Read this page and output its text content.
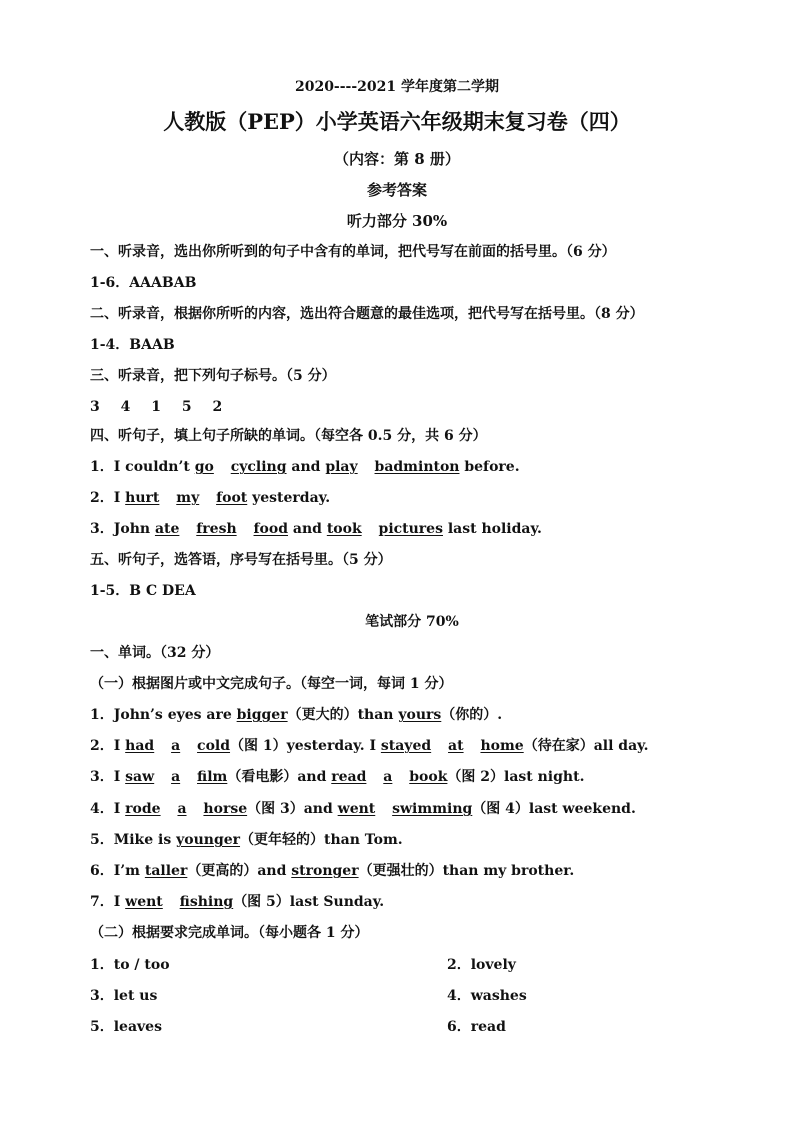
2020----2021 学年度第二学期
人教版（PEP）小学英语六年级期末复习卷（四）
（内容：第 8 册）
参考答案
听力部分 30%
一、听录音，选出你所听到的句子中含有的单词，把代号写在前面的括号里。（6 分）
1-6．AAABAB
二、听录音，根据你所听的内容，选出符合题意的最佳选项，把代号写在括号里。（8 分）
1-4．BAAB
三、听录音，把下列句子标号。（5 分）
3 4 1 5 2
四、听句子，填上句子所缺的单词。（每空各 0.5 分，共 6 分）
1．I couldn’t go cycling and play badminton before.
2．I hurt my foot yesterday.
3．John ate fresh food and took pictures last holiday.
五、听句子，选答语，序号写在括号里。（5 分）
1-5．B C DEA
笔试部分 70%
一、单词。（32 分）
（一）根据图片或中文完成句子。（每空一词，每词 1 分）
1．John’s eyes are bigger（更大的）than yours（你的）.
2．I had a cold（图 1）yesterday. I stayed at home（待在家）all day.
3．I saw a film（看电影）and read a book（图 2）last night.
4．I rode a horse（图 3）and went swimming（图 4）last weekend.
5．Mike is younger（更年轻的）than Tom.
6．I’m taller（更高的）and stronger（更强壮的）than my brother.
7．I went fishing（图 5）last Sunday.
（二）根据要求完成单词。（每小题各 1 分）
1．to / too	2．lovely
3．let us	4．washes
5．leaves	6．read
